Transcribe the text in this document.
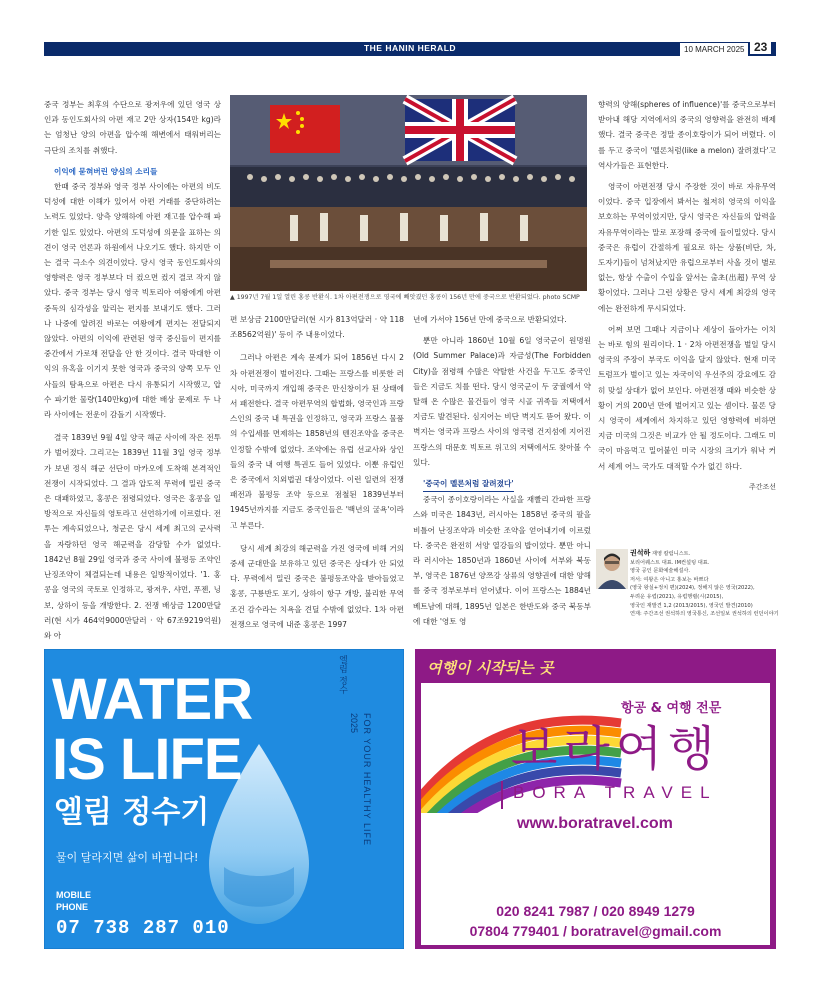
THE HANIN HERALD	10 MARCH 2025 23

중국 정부는 최후의 수단으로 광저우에 있던 영국 상인과 동인도회사의 아편 재고 2만 상자(154만 kg)라는 엄청난 양의 아편을 압수해 해변에서 태워버리는 극단의 조치를 취했다.

이익에 묻혀버린 양심의 소리들

한때 중국 정부와 영국 정부 사이에는 아편의 비도덕성에 대한 이해가 있어서 아편 거래를 중단하려는 노력도 있었다. 양측 양해하에 아편 재고를 압수해 파기한 일도 있었다. 아편의 도덕성에 의문을 표하는 의견이 영국 언론과 하원에서 나오기도 했다. 하지만 이는 결국 극소수 의견이었다. 당시 영국 동인도회사의 영향력은 영국 정부보다 더 컸으면 컸지 결코 작지 않았다. 중국 정부는 당시 영국 빅토리아 여왕에게 아편 중독의 심각성을 알리는 편지를 보내기도 했다. 그러나 나중에 알려진 바로는 여왕에게 편지는 전달되지 않았다. 아편의 이익에 관련된 영국 중신들이 편지를 중간에서 가로채 전달을 안 한 것이다. 결국 막대한 이익의 유혹을 이기지 못한 영국과 중국의 양쪽 모두 인사들의 탐욕으로 아편은 다시 유통되기 시작했고, 압수 파기한 물량(140만kg)에 대한 배상 문제로 두 나라 사이에는 전운이 감돌기 시작했다.

결국 1839년 9월 4일 양국 해군 사이에 작은 전투가 벌어졌다. 그리고는 1839년 11월 3일 영국 정부가 보낸 정식 해군 선단이 마카오에 도착해 본격적인 전쟁이 시작되었다. 그 결과 압도적 무력에 밀린 중국은 대패하였고, 홍콩은 점령되었다. 영국은 홍콩을 일방적으로 자신들의 영토라고 선언하기에 이르렀다. 전투는 계속되었으나, 청군은 당시 세계 최고의 군사력을 자랑하던 영국 해군력을 감당할 수가 없었다. 1842년 8월 29일 영국과 중국 사이에 불평등 조약인 난징조약이 체결되는데 내용은 일방적이었다. '1. 홍콩을 영국의 국토로 인정하고, 광저우, 샤먼, 푸젠, 닝보, 상하이 등을 개방한다. 2. 전쟁 배상금 1200만달러(현 시가 464억9000만달러 · 약 67조9219억원)와 아

▲ 1997년 7월 1일 열린 홍콩 반환식. 1차 아편전쟁으로 영국에 빼앗겼던 홍콩이 156년 만에 중국으로 반환되었다. photo SCMP

편 보상금 2100만달러(현 시가 813억달러 · 약 118조8562억원)' 등이 주 내용이었다.

그러나 아편은 계속 문제가 되어 1856년 다시 2차 아편전쟁이 벌어진다. 그때는 프랑스를 비롯한 러시아, 미국까지 개입해 중국은 만신창이가 된 상태에서 패전한다. 결국 아편무역의 합법화, 영국인과 프랑스인의 중국 내 특권을 인정하고, 영국과 프랑스 물품의 수입세를 면제하는 1858년의 톈진조약을 중국은 인정할 수밖에 없었다. 조약에는 유럽 선교사와 상인들의 중국 내 여행 특권도 들어 있었다. 이뿐 유럽인은 중국에서 치외법권 대상이었다. 이런 일련의 전쟁 패전과 불평등 조약 등으로 점철된 1839년부터 1945년까지를 지금도 중국인들은 '백년의 굴욕'이라고 부른다.

당시 세계 최강의 해군력을 가진 영국에 비해 거의 중세 군대만을 보유하고 있던 중국은 상대가 안 되었다. 무력에서 밀린 중국은 불평등조약을 받아들였고 홍콩, 구룡반도 포기, 상하이 항구 개방, 불리한 무역 조건 감수라는 치욕을 견딜 수밖에 없었다. 1차 아편전쟁으로 영국에 내준 홍콩은 1997

년에 가서야 156년 만에 중국으로 반환되었다.

뿐만 아니라 1860년 10월 6일 영국군이 원명원(Old Summer Palace)과 자금성(The Forbidden City)을 점령해 수많은 약탈한 사건을 두고도 중국인들은 지금도 치를 떤다. 당시 영국군이 두 궁궐에서 약탈해 온 수많은 물건들이 영국 시골 귀족들 저택에서 지금도 발견된다. 심지어는 비단 벽지도 뜯어 왔다. 이 벽지는 영국과 프랑스 사이의 영국령 건지섬에 지어진 프랑스의 대문호 빅토르 위고의 저택에서도 찾아볼 수 있다.

'중국이 멜론처럼 잘려졌다'

중국이 종이호랑이라는 사실을 재빨리 간파한 프랑스와 미국은 1843년, 러시아는 1858년 중국의 팔을 비틀어 난징조약과 비슷한 조약을 얻어내기에 이르렀다. 중국은 완전히 서양 열강들의 밥이었다. 뿐만 아니라 러시아는 1850년과 1860년 사이에 서부와 북동부, 영국은 1876년 양쯔강 상류의 영향권에 대한 양해를 중국 정부로부터 얻어냈다. 이어 프랑스는 1884년 베트남에 대해, 1895년 일본은 한반도와 중국 북동부에 대한 '영토 영

향력의 양해(spheres of influence)'를 중국으로부터 받아내 해당 지역에서의 중국의 영향력을 완전히 배제했다. 결국 중국은 정말 종이호랑이가 되어 버렸다. 이를 두고 중국이 '멜론처럼(like a melon) 잘려졌다'고 역사가들은 표현한다.

영국이 아편전쟁 당시 주장한 것이 바로 자유무역이었다. 중국 입장에서 봐서는 철저히 영국의 이익을 보호하는 무역이었지만, 당시 영국은 자신들의 압력을 자유무역이라는 말로 포장해 중국에 들이밀었다. 당시 중국은 유럽이 간절하게 필요로 하는 상품(비단, 차, 도자기)들이 넘쳐났지만 유럽으로부터 사올 것이 별로 없는, 항상 수출이 수입을 앞서는 출초(出超) 무역 상황이었다. 그러나 그런 상황은 당시 세계 최강의 영국에는 완전하게 무시되었다.

어쩌 보면 그때나 지금이나 세상이 돌아가는 이치는 바로 힘의 원리이다. 1 · 2차 아편전쟁을 벌일 당시 영국의 주장이 부국도 이익을 달지 않았다. 현재 미국 트럼프가 벌이고 있는 자국이익 우선주의 강요에도 감히 맞설 상대가 없어 보인다. 아편전쟁 때와 비슷한 상황이 거의 200년 만에 벌어지고 있는 셈이다. 물론 당시 영국이 세계에서 차지하고 있던 영향력에 비하면 지금 미국의 그것은 비교가 안 될 정도이다. 그래도 미국이 마음먹고 밀어붙인 미국 시장의 크기가 워낙 커서 세계 어느 국가도 대적할 수가 없긴 하다.

주간조선
권석하 재영 칼럼니스트.
보리어퀘스트 대표. IM컨설팅 대표.
영국 공인 문화예술해설사.
저서: 여왕은 아니고 홍보는 바쁘다
(영국 왕실+정치 편)(2024), 정해지 않은 영국(2022),
두려운 유럽(2021), 유럽행렬(시(2015),
영국인 재발견 1,2 (2013/2015), 영국인 발견(2010)
연재: 주간조선 권석하의 영국통신, 조선일보 권석하의 런던이야기
WATER
IS LIFE
엘림 정수기
물이 달라지면 삶이 바뀝니다!
MOBILE
PHONE
07 738 287 010
엘림 정수
FOR YOUR HEALTHY LIFE
2025
여행이 시작되는 곳
항공 & 여행 전문
보라여행
BORA TRAVEL
www.boratravel.com
020 8241 7987 / 020 8949 1279
07804 779401 / boratravel@gmail.com
